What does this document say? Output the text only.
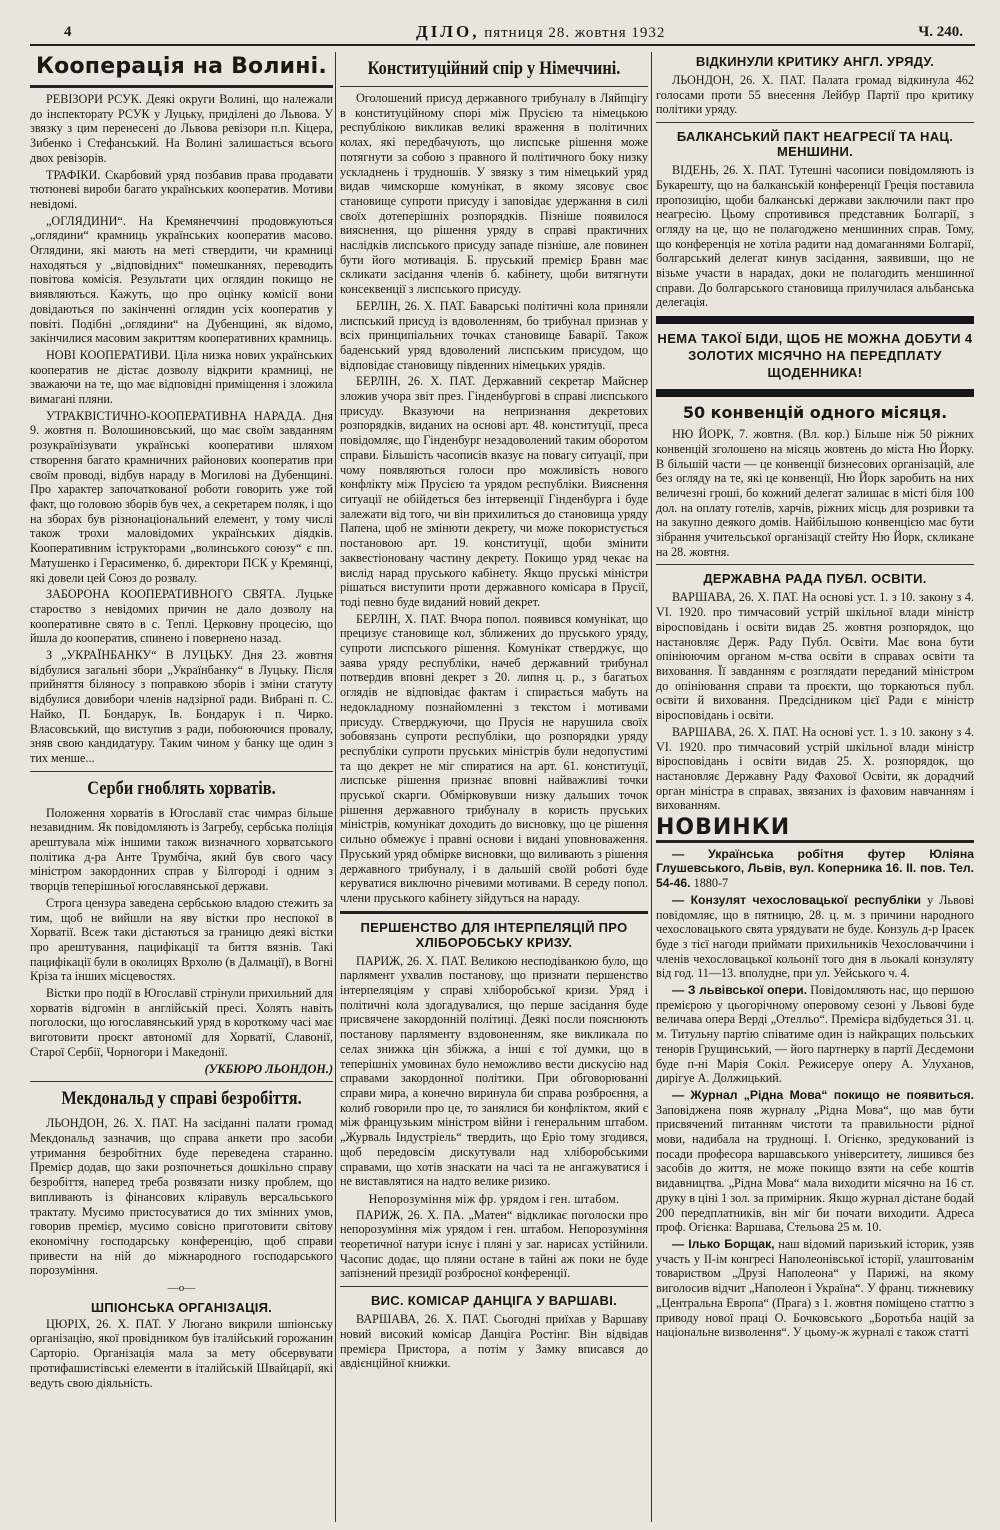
4	ДІЛО, пятниця 28. жовтня 1932	Ч. 240.
Кооперація на Волині.

РЕВІЗОРИ РСУК. Деякі округи Волині, що належали до інспекторату РСУК у Луцьку, приділені до Львова. У звязку з цим перенесені до Львова ревізори п.п. Кіцера, Зибенко і Стефанський. На Волині залишається всього двох ревізорів.

ТРАФІКИ. Скарбовий уряд позбавив права продавати тютюневі вироби багато українських кооператив. Мотиви невідомі.

„ОГЛЯДИНИ“. На Кремянеччині продовжуються „оглядини“ крамниць українських кооператив масово. Оглядини, які мають на меті ствердити, чи крамниці находяться у „відповідних“ помешканнях, переводить повітова комісія. Результати цих оглядин покищо не виявляються. Кажуть, що про оцінку комісії вони довідаються по закінченні оглядин усіх кооператив у повіті. Подібні „оглядини“ на Дубенщині, як відомо, закінчилися масовим закриттям кооперативних крамниць.

НОВІ КООПЕРАТИВИ. Ціла низка нових українських кооператив не дістає дозволу відкрити крамниці, не зважаючи на те, що має відповідні приміщення і зложила вимагані пляни.

УТРАКВІСТИЧНО-КООПЕРАТИВНА НАРАДА. Дня 9. жовтня п. Волошиновський, що має своїм завданням розукраїнізувати українські кооперативи шляхом створення багато крамничних районових кооператив при своїм проводі, відбув нараду в Могилові на Дубенщині. Про характер започаткованої роботи говорить уже той факт, що головою зборів був чех, а секретарем поляк, і що на зборах був різнонаціональний елемент, у тому числі також трохи маловідомих українських діядків. Кооперативним іструкторами „волинського союзу“ є пп. Матушенко і Герасименко, б. директори ПСК у Кремянці, які довели цей Союз до розвалу.

ЗАБОРОНА КООПЕРАТИВНОГО СВЯТА. Луцьке староство з невідомих причин не дало дозволу на кооперативне свято в с. Теплі. Церковну процесію, що йшла до кооператив, спинено і повернено назад.

З „УКРАЇНБАНКУ“ В ЛУЦЬКУ. Дня 23. жовтня відбулися загальні збори „Українбанку“ в Луцьку. Після прийняття біляносу з поправкою зборів і зміни статуту відбулися довибори членів надзірної ради. Вибрані п. С. Найко, П. Бондарук, Ів. Бондарук і п. Чирко. Власовський, що виступив з ради, побоюючися провалу, зняв свою кандидатуру. Таким чином у банку ще один з тих менше...

Серби гноблять хорватів.

Положення хорватів в Югославії стає чимраз більше незавидним. Як повідомляють із Загребу, сербська поліція арештувала між іншими також визначного хорватського політика д-ра Анте Трумбіча, який був свого часу міністром закордонних справ у Білгороді і одним з творців теперішньої югославянської держави.

Строга цензура заведена сербською владою стежить за тим, щоб не вийшли на яву вістки про неспокої в Хорватії. Всеж таки дістаються за границю деякі вістки про арештування, пацифікації та биття вязнів. Такі пацифікації були в околицях Врхолю (в Далмації), в Вогні Кріза та інших місцевостях.

Вістки про події в Югославії стрінули прихильний для хорватів відгомін в англійській пресі. Холять навіть поголоски, що югославянський уряд в короткому часі має виготовити проєкт автономії для Хорватії, Славонії, Старої Сербії, Чорногори і Македонії.

(УКБЮРО ЛЬОНДОН.)

Мекдональд у справі безробіття.

ЛЬОНДОН, 26. X. ПАТ. На засіданні палати громад Мекдональд зазначив, що справа анкети про засоби утримання безробітних буде переведена старанно. Премієр додав, що заки розпочнеться дошкільно справу безробіття, наперед треба розвязати низку проблем, що випливають із фінансових кліравуль версальського трактату. Мусимо пристосуватися до тих змінних умов, говорив премієр, мусимо совісно приготовити світову економічну господарську конференцію, щоб справи привести на ній до міжнародного господарського порозуміння.

—o—

ШПІОНСЬКА ОРГАНІЗАЦІЯ.

ЦЮРІХ, 26. X. ПАТ. У Люгано викрили шпіонську організацію, якої провідником був італійський горожанин Сарторіо. Організація мала за мету обсервувати протифашистівські елементи в італійській Швайцарії, які ведуть свою діяльність.

Конституційний спір у Німеччині.

Оголошений присуд державного трибуналу в Ляйпцігу в конституційному спорі між Прусією та німецькою республікою викликав великі враження в політичних колах, які передбачують, що лиспське рішення може потягнути за собою з правного й політичного боку низку ускладнень і трудношів. У звязку з тим німецький уряд видав чимскорше комунікат, в якому зясовує своє становище супроти присуду і заповідає удержання в силі своїх дотеперішніх розпорядків. Пізніше появилося вияснення, що рішення уряду в справі практичних наслідків лиспського присуду западе пізніше, але повинен бути його мотивація. Б. пруський премієр Бравн має скликати засідання членів б. кабінету, щоби витягнути консеквенції з лиспського присуду.

БЕРЛІН, 26. X. ПАТ. Баварські політичні кола приняли лиспський присуд із вдоволенням, бо трибунал признав у всіх принципіальних точках становище Баварії. Також баденський уряд вдоволений лиспським присудом, що відповідає становищу південних німецьких урядів.

БЕРЛІН, 26. X. ПАТ. Державний секретар Майснер зложив учора звіт през. Гінденбургові в справі лиспського присуду. Вказуючи на непризнання декретових розпорядків, виданих на основі арт. 48. конституції, преса повідомляє, що Гінденбург незадоволений таким оборотом справи. Більшість часописів вказує на повагу ситуації, при чому появляються голоси про можливість нового конфлікту між Прусією та урядом республіки. Вияснення ситуації не обійдеться без інтервенції Гінденбурга і буде залежати від того, чи він прихилиться до становища уряду Папена, щоб не змінюти декрету, чи може покористується постановою арт. 19. конституції, щоби змінити заквестіоновану частину декрету. Покищо уряд чекає на вислід нарад пруського кабінету. Якщо пруські міністри рішаться виступити проти державного комісара в Прусії, тоді певно буде виданий новий декрет.

БЕРЛІН, X. ПАТ. Вчора попол. появився комунікат, що прецизує становище кол, зближених до пруського уряду, супроти лиспського рішення. Комунікат стверджує, що заява уряду республіки, начеб державний трибунал потвердив вповні декрет з 20. липня ц. р., з багатьох оглядів не відповідає фактам і спирається мабуть на недокладному познайомленні з текстом і мотивами присуду. Стверджуючи, що Прусія не нарушила своїх зобовязань супроти республіки, що розпорядки уряду республіки супроти пруських міністрів були недопустимі та що декрет не міг спиратися на арт. 61. конституції, лиспське рішення признає вповні найважливі точки пруської скарги. Обмірковувши низку дальших точок рішення державного трибуналу в користь пруських міністрів, комунікат доходить до висновку, що це рішення сильно обмежує і правні основи і видані уповноваження. Пруський уряд обмірке висновки, що виливають з рішення державного трибуналу, і в дальшій своїй роботі буде керуватися виключно річевими мотивами. В середу попол. члени пруського кабінету зійдуться на нараду.

ПЕРШЕНСТВО ДЛЯ ІНТЕРПЕЛЯЦІЙ ПРО ХЛІБОРОБСЬКУ КРИЗУ.

ПАРИЖ, 26. X. ПАТ. Великою несподіванкою було, що парлямент ухвалив постанову, що признати першенство інтерпеляціям у справі хліборобської кризи. Уряд і політичні кола здогадувалися, що перше засідання буде присвячене закордонній політиці. Деякі посли пояснюють постанову парляменту вздовоненням, яке викликала по селах знижка цін збіжжа, а інші є тої думки, що в теперішніх умовинах було неможливо вести дискусію над справами закордонної політики. При обговорюванні справи мира, а конечно виринула би справа розброєння, а колиб говорили про це, то занялися би конфліктом, який є між французьким міністром війни і генеральним штабом. „Журваль Індустріель“ твердить, що Еріо тому згодився, щоб передовсім дискутували над хліборобськими справами, що хотів знаскати на часі та не ангажуватися і не виставлятися на надто велике ризико.

Непорозуміння між фр. урядом і ген. штабом.

ПАРИЖ, 26. X. ПА. „Матен“ відкликає поголоски про непорозуміння між урядом і ген. штабом. Непорозуміння теоретичної натури існує і пляні у заг. нарисах устійнили. Часопис додає, що пляни остане в тайні аж поки не буде запізнений президії розброєної конференції.

ВИС. КОМІСАР ДАНЦІГА У ВАРШАВІ.

ВАРШАВА, 26. X. ПАТ. Сьогодні приїхав у Варшаву новий високий комісар Данціга Ростінг. Він відвідав премієра Пристора, а потім у Замку вписався до авдієнційної книжки.

ВІДКИНУЛИ КРИТИКУ АНГЛ. УРЯДУ.

ЛЬОНДОН, 26. X. ПАТ. Палата громад відкинула 462 голосами проти 55 внесення Лейбур Партії про критику політики уряду.

БАЛКАНСЬКИЙ ПАКТ НЕАГРЕСІЇ ТА НАЦ. МЕНШИНИ.

ВІДЕНЬ, 26. X. ПАТ. Тутешні часописи повідомляють із Букарешту, що на балканській конференції Греція поставила пропозицію, щоби балканські держави заключили пакт про неагресію. Цьому спротивився представник Болгарії, з огляду на це, що не полагоджено меншинних справ. Тому, що конференція не хотіла радити над домаганнями Болгарії, болгарський делегат кинув засідання, заявивши, що не візьме участи в нарадах, доки не полагодить меншинної справи. До болгарського становища прилучилася альбанська делегація.

НЕМА ТАКОЇ БІДИ, ЩОБ НЕ МОЖНА ДОБУТИ 4 ЗОЛОТИХ МІСЯЧНО НА ПЕРЕДПЛАТУ ЩОДЕННИКА!
50 конвенцій одного місяця.

НЮ ЙОРК, 7. жовтня. (Вл. кор.) Більше ніж 50 ріжних конвенцій зголошено на місяць жовтень до міста Ню Йорку. В більшій части — це конвенції бизнесових організацій, але без огляду на те, які це конвенції, Ню Йорк заробить на них величезні гроші, бо кожний делегат залишає в місті біля 100 дол. на оплату готелів, харчів, ріжних місць для розривки та на закупно деякого домів. Найбільшою конвенцією має бути зібрання учительської організації стейту Ню Йорк, скликане на 28. жовтня.

ДЕРЖАВНА РАДА ПУБЛ. ОСВІТИ.

ВАРШАВА, 26. X. ПАТ. На основі уст. 1. з 10. закону з 4. VI. 1920. про тимчасовий устрій шкільної влади міністр віросповідань і освіти видав 25. жовтня розпорядок, що настановляє Держ. Раду Публ. Освіти. Має вона бути опініюючим органом м-ства освіти в справах освіти та виховання. Її завданням є розглядати переданий міністром до опініювання справи та проєкти, що торкаються публ. освіти й виховання. Предсідником цієї Ради є міністр віросповідань і освіти.

ВАРШАВА, 26. X. ПАТ. На основі уст. 1. з 10. закону з 4. VI. 1920. про тимчасовий устрій шкільної влади міністр віросповідань і освіти видав 25. X. розпорядок, що настановляє Державну Раду Фахової Освіти, як дорадчий орган міністра в справах, звязаних із фаховим навчанням і вихованням.

НОВИНКИ

— Українська робітня футер Юліяна Глушевського, Львів, вул. Коперника 16. II. пов. Тел. 54-46. 1880-7

— Конзулят чехословацької республіки у Львові повідомляє, що в пятницю, 28. ц. м. з причини народного чехословацького свята урядувати не буде. Конзуль д-р Ірасек буде з тієї нагоди приймати прихильників Чехословаччини і членів чехословацької кольонії того дня в льокалі конзуляту від год. 11—13. вполудне, при ул. Уейського ч. 4.

— З львівської опери. Повідомляють нас, що першою премієрою у цьогорічному оперовому сезоні у Львові буде величава опера Верді „Отелльо“. Премієра відбудеться 31. ц. м. Титульну партію співатиме один із найкращих польських тенорів Грущинський, — його партнерку в партії Десдемони буде п-ні Марія Сокіл. Режисеруе оперу А. Улуханов, дирігуе А. Должицький.

— Журнал „Рідна Мова“ покищо не появиться. Заповіджена появ журналу „Рідна Мова“, що мав бути присвячений питанням чистоти та правильности рідної мови, надибала на труднощі. І. Огієнко, зредукований із посади професора варшавського університету, лишився без засобів до життя, не може покищо взяти на себе коштів видавництва. „Рідна Мова“ мала виходити місячно на 16 ст. друку в ціні 1 зол. за примірник. Якщо журнал дістане бодай 200 передплатників, він міг би почати виходити. Адреса проф. Огієнка: Варшава, Стельова 25 м. 10.

— Ілько Борщак, наш відомий паризький історик, узяв участь у II-ім конгресі Наполеонівської історії, улаштованім товариством „Друзі Наполеона“ у Парижі, на якому виголосив відчит „Наполеон і Україна“. У франц. тижневику „Центральна Европа“ (Прага) з 1. жовтня поміщено статтю з приводу нової праці О. Бочковського „Боротьба націй за національне визволення“. У цьому-ж журналі є також статті
